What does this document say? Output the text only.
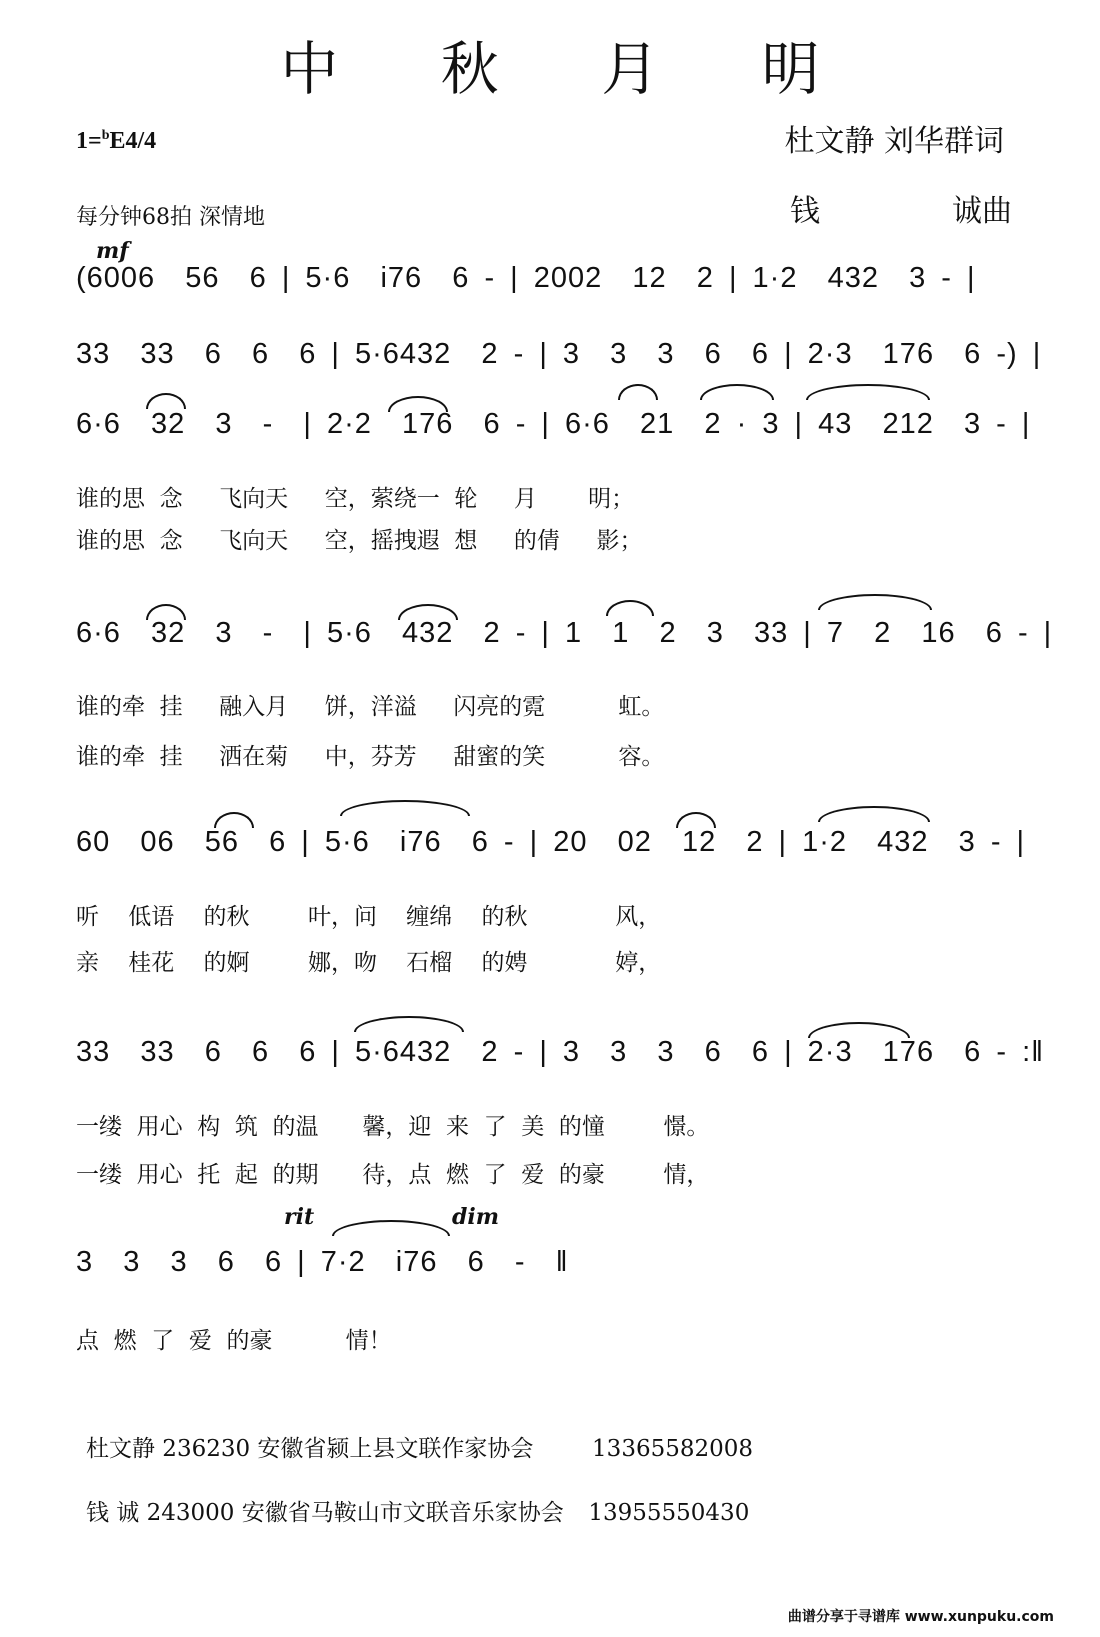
中 秋 月 明
1=$^b$E4/4	杜文静 刘华群词
钱	诚曲
每分钟68拍 深情地
mf
(6006  56  6 | 5·6  i76  6 - | 2002  12  2 | 1·2  432  3 - |
33  33  6  6  6 | 5·6432  2 - | 3  3  3  6  6 | 2·3  176  6 -) |
6·6  32  3  -  | 2·2  176  6 - | 6·6  21  2 · 3 | 43  212  3 - |
谁的思  念     飞向天     空，萦绕一  轮     月       明；
谁的思  念     飞向天     空，摇拽遐  想     的倩     影；
6·6  32  3  -  | 5·6  432  2 - | 1  1  2  3  33 | 7  2  16  6 - |
谁的牵  挂     融入月     饼，洋溢     闪亮的霓          虹。
谁的牵  挂     洒在菊     中，芬芳     甜蜜的笑          容。
60  06  56  6 | 5·6  i76  6 - | 20  02  12  2 | 1·2  432  3 - |
听    低语    的秋        叶，问    缠绵    的秋            风，
亲    桂花    的婀        娜，吻    石榴    的娉            婷，
33  33  6  6  6 | 5·6432  2 - | 3  3  3  6  6 | 2·3  176  6 - :‖
一缕  用心  构  筑  的温      馨，迎  来  了  美  的憧        憬。
一缕  用心  托  起  的期      待，点  燃  了  爱  的豪        情，
rit	dim
3  3  3  6  6 | 7·2  i76  6  -  ‖
点  燃  了  爱  的豪          情！
杜文静 236230 安徽省颍上县文联作家协会	13365582008
钱 诚 243000 安徽省马鞍山市文联音乐家协会 13955550430
曲谱分享于寻谱库 www.xunpuku.com
